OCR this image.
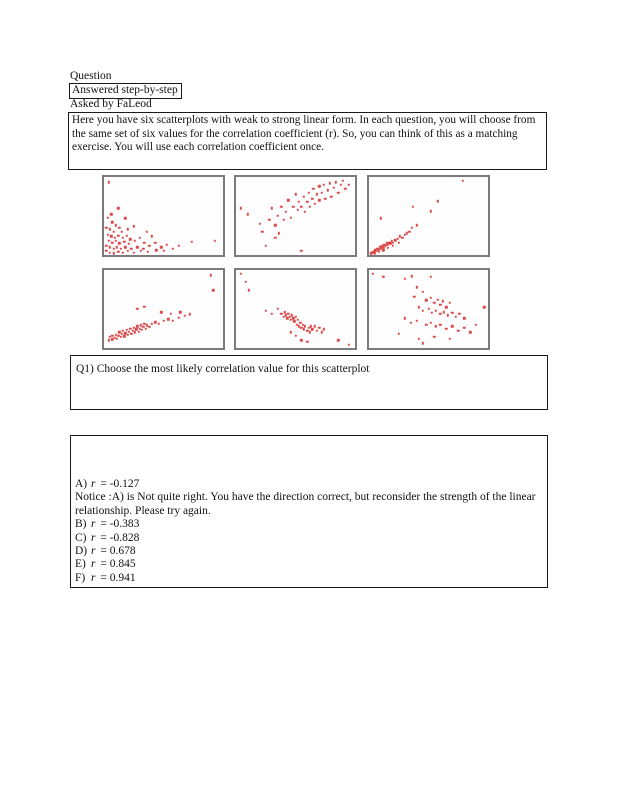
Question
Answered step-by-step
Asked by FaLeod
Here you have six scatterplots with weak to strong linear form. In each question, you will choose from the same set of six values for the correlation coefficient (r). So, you can think of this as a matching exercise. You will use each correlation coefficient once.
Q1) Choose the most likely correlation value for this scatterplot
A) r = -0.127
Notice :A) is Not quite right. You have the direction correct, but reconsider the strength of the linear relationship. Please try again.
B) r = -0.383
C) r = -0.828
D) r = 0.678
E) r = 0.845
F) r = 0.941
